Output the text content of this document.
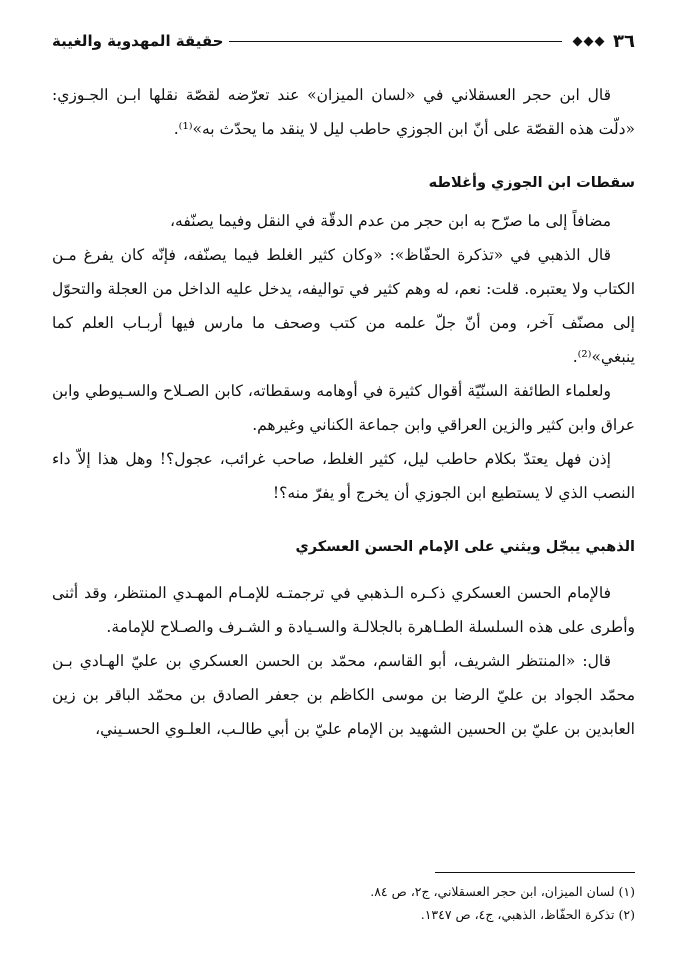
٣٦
حقيقة المهدوية والغيبة

قال ابن حجر العسقلاني في «لسان الميزان» عند تعرّضه لقصّة نقلها ابـن الجـوزي: «دلّت هذه القصّة على أنّ ابن الجوزي حاطب ليل لا ينقد ما يحدّث به»⁽¹⁾.

سقطات ابن الجوزي وأغلاطه

مضافاً إلى ما صرّح به ابن حجر من عدم الدقّة في النقل وفيما يصنّفه،

قال الذهبي في «تذكرة الحفّاظ»: «وكان كثير الغلط فيما يصنّفه، فإنّه كان يفرغ مـن الكتاب ولا يعتبره. قلت: نعم، له وهم كثير في تواليفه، يدخل عليه الداخل من العجلة والتحوّل إلى مصنّف آخر، ومن أنّ جلّ علمه من كتب وصحف ما مارس فيها أربـاب العلم كما ينبغي»⁽²⁾.

ولعلماء الطائفة السنّيّة أقوال كثيرة في أوهامه وسقطاته، كابن الصـلاح والسـيوطي وابن عراق وابن كثير والزين العراقي وابن جماعة الكناني وغيرهم.

إذن فهل يعتدّ بكلام حاطب ليل، كثير الغلط، صاحب غرائب، عجول؟! وهل هذا إلاّ داء النصب الذي لا يستطيع ابن الجوزي أن يخرج أو يفرّ منه؟!

الذهبي يبجّل ويثني على الإمام الحسن العسكري

فالإمام الحسن العسكري ذكـره الـذهبي في ترجمتـه للإمـام المهـدي المنتظر، وقد أثنى وأطرى على هذه السلسلة الطـاهرة بالجلالـة والسـيادة و الشـرف والصـلاح للإمامة.

قال: «المنتظر الشريف، أبو القاسم، محمّد بن الحسن العسكري بن عليّ الهـادي بـن محمّد الجواد بن عليّ الرضا بن موسى الكاظم بن جعفر الصادق بن محمّد الباقر بن زين العابدين بن عليّ بن الحسين الشهيد بن الإمام عليّ بن أبي طالـب، العلـوي الحسـيني،

(١) لسان الميزان، ابن حجر العسقلاني، ج٢، ص ٨٤.

(٢) تذكرة الحفّاظ، الذهبي، ج٤، ص ١٣٤٧.
